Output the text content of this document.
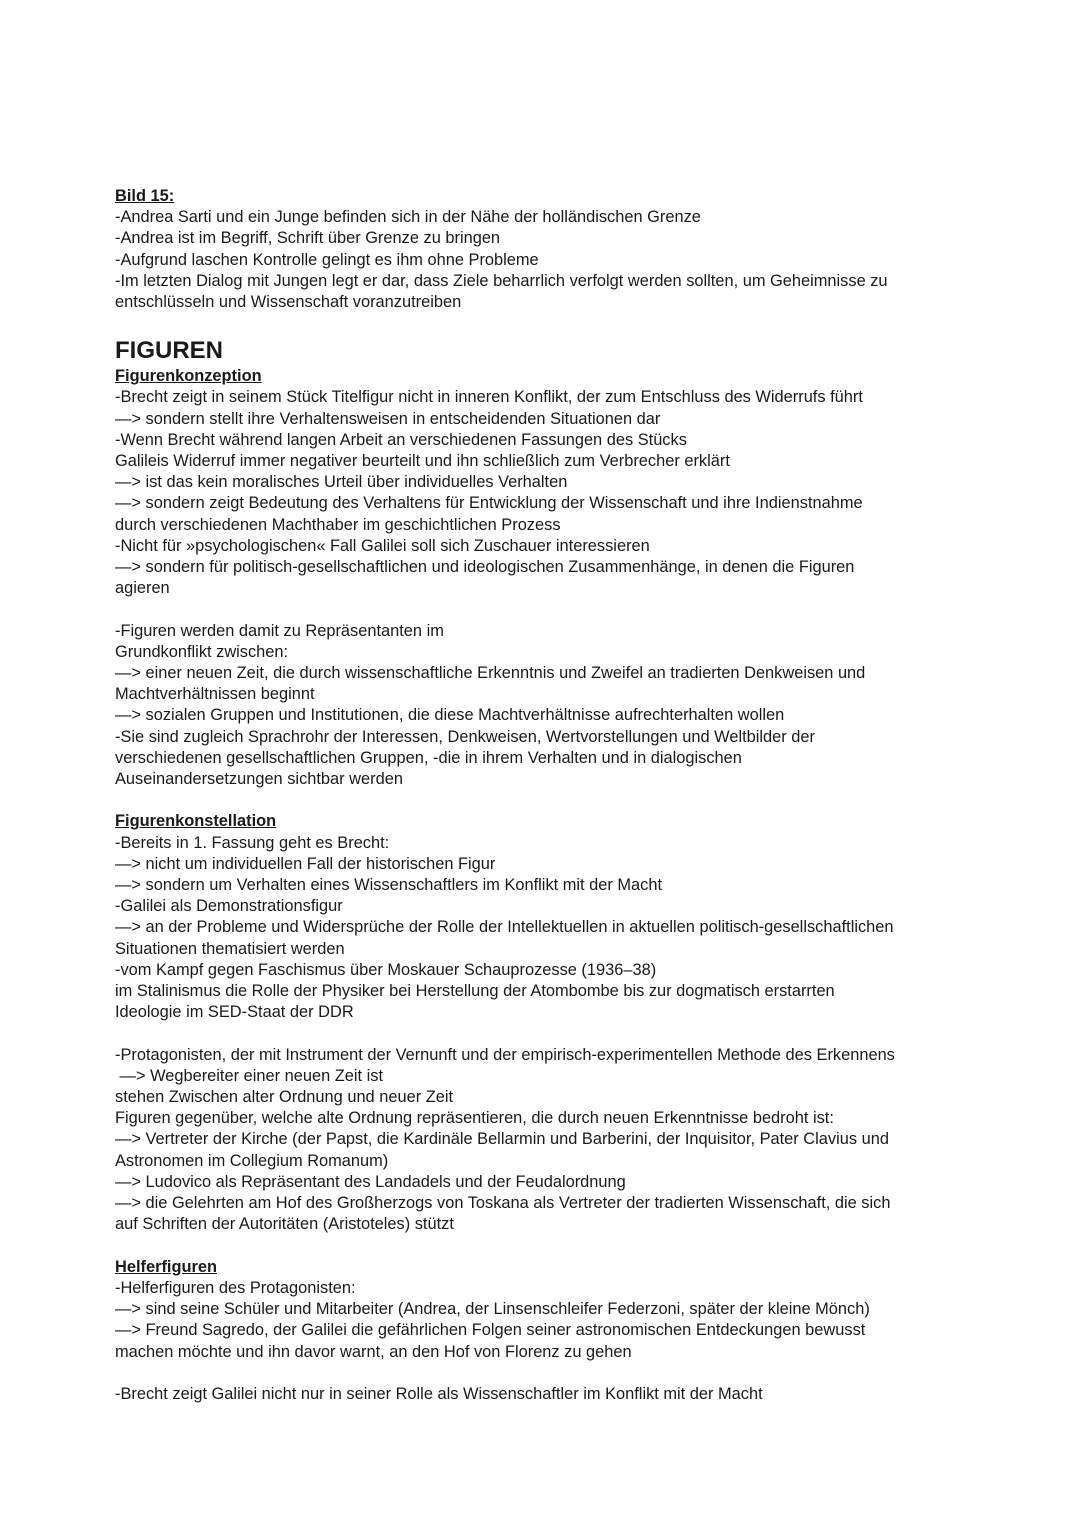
Bild 15:
-Andrea Sarti und ein Junge befinden sich in der Nähe der holländischen Grenze
-Andrea ist im Begriff, Schrift über Grenze zu bringen
-Aufgrund laschen Kontrolle gelingt es ihm ohne Probleme
-Im letzten Dialog mit Jungen legt er dar, dass Ziele beharrlich verfolgt werden sollten, um Geheimnisse zu
entschlüsseln und Wissenschaft voranzutreiben
FIGUREN
Figurenkonzeption
-Brecht zeigt in seinem Stück Titelfigur nicht in inneren Konflikt, der zum Entschluss des Widerrufs führt
—> sondern stellt ihre Verhaltensweisen in entscheidenden Situationen dar
-Wenn Brecht während langen Arbeit an verschiedenen Fassungen des Stücks
Galileis Widerruf immer negativer beurteilt und ihn schließlich zum Verbrecher erklärt
—> ist das kein moralisches Urteil über individuelles Verhalten
—> sondern zeigt Bedeutung des Verhaltens für Entwicklung der Wissenschaft und ihre Indienstnahme
durch verschiedenen Machthaber im geschichtlichen Prozess
-Nicht für »psychologischen« Fall Galilei soll sich Zuschauer interessieren
—> sondern für politisch-gesellschaftlichen und ideologischen Zusammenhänge, in denen die Figuren
agieren
-Figuren werden damit zu Repräsentanten im
Grundkonflikt zwischen:
—> einer neuen Zeit, die durch wissenschaftliche Erkenntnis und Zweifel an tradierten Denkweisen und
Machtverhältnissen beginnt
—> sozialen Gruppen und Institutionen, die diese Machtverhältnisse aufrechterhalten wollen
-Sie sind zugleich Sprachrohr der Interessen, Denkweisen, Wertvorstellungen und Weltbilder der
verschiedenen gesellschaftlichen Gruppen, -die in ihrem Verhalten und in dialogischen
Auseinandersetzungen sichtbar werden
Figurenkonstellation
-Bereits in 1. Fassung geht es Brecht:
—> nicht um individuellen Fall der historischen Figur
—> sondern um Verhalten eines Wissenschaftlers im Konflikt mit der Macht
-Galilei als Demonstrationsfigur
—> an der Probleme und Widersprüche der Rolle der Intellektuellen in aktuellen politisch-gesellschaftlichen
Situationen thematisiert werden
-vom Kampf gegen Faschismus über Moskauer Schauprozesse (1936–38)
im Stalinismus die Rolle der Physiker bei Herstellung der Atombombe bis zur dogmatisch erstarrten
Ideologie im SED-Staat der DDR
-Protagonisten, der mit Instrument der Vernunft und der empirisch-experimentellen Methode des Erkennens
—> Wegbereiter einer neuen Zeit ist
stehen Zwischen alter Ordnung und neuer Zeit
Figuren gegenüber, welche alte Ordnung repräsentieren, die durch neuen Erkenntnisse bedroht ist:
—> Vertreter der Kirche (der Papst, die Kardinäle Bellarmin und Barberini, der Inquisitor, Pater Clavius und
Astronomen im Collegium Romanum)
—> Ludovico als Repräsentant des Landadels und der Feudalordnung
—> die Gelehrten am Hof des Großherzogs von Toskana als Vertreter der tradierten Wissenschaft, die sich
auf Schriften der Autoritäten (Aristoteles) stützt
Helferfiguren
-Helferfiguren des Protagonisten:
—> sind seine Schüler und Mitarbeiter (Andrea, der Linsenschleifer Federzoni, später der kleine Mönch)
—> Freund Sagredo, der Galilei die gefährlichen Folgen seiner astronomischen Entdeckungen bewusst
machen möchte und ihn davor warnt, an den Hof von Florenz zu gehen
-Brecht zeigt Galilei nicht nur in seiner Rolle als Wissenschaftler im Konflikt mit der Macht
